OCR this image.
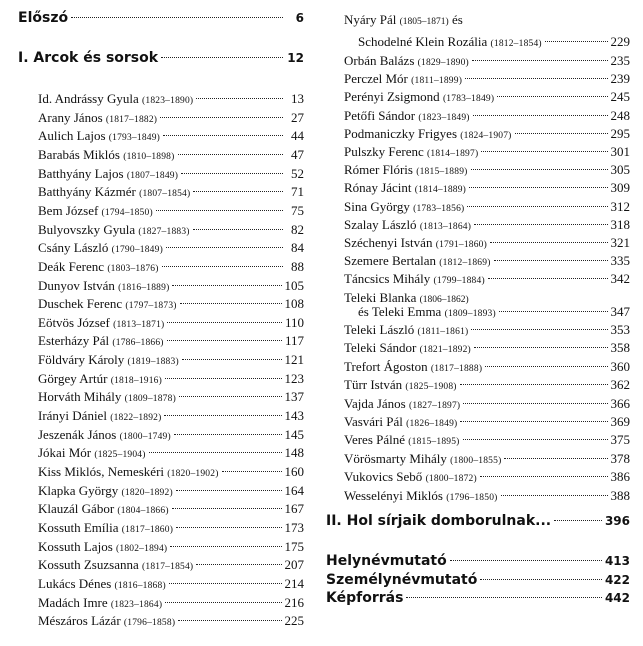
Előszó	6
I. Arcok és sorsok	12
Id. Andrássy Gyula (1823–1890)	13
Arany János (1817–1882)	27
Aulich Lajos (1793–1849)	44
Barabás Miklós (1810–1898)	47
Batthyány Lajos (1807–1849)	52
Batthyány Kázmér (1807–1854)	71
Bem József (1794–1850)	75
Bulyovszky Gyula (1827–1883)	82
Csány László (1790–1849)	84
Deák Ferenc (1803–1876)	88
Dunyov István (1816–1889)	105
Duschek Ferenc (1797–1873)	108
Eötvös József (1813–1871)	110
Esterházy Pál (1786–1866)	117
Földváry Károly (1819–1883)	121
Görgey Artúr (1818–1916)	123
Horváth Mihály (1809–1878)	137
Irányi Dániel (1822–1892)	143
Jeszenák János (1800–1749)	145
Jókai Mór (1825–1904)	148
Kiss Miklós, Nemeskéri (1820–1902)	160
Klapka György (1820–1892)	164
Klauzál Gábor (1804–1866)	167
Kossuth Emília (1817–1860)	173
Kossuth Lajos (1802–1894)	175
Kossuth Zsuzsanna (1817–1854)	207
Lukács Dénes (1816–1868)	214
Madách Imre (1823–1864)	216
Mészáros Lázár (1796–1858)	225
Nyáry Pál (1805–1871) és
Schodelné Klein Rozália (1812–1854)	229
Orbán Balázs (1829–1890)	235
Perczel Mór (1811–1899)	239
Perényi Zsigmond (1783–1849)	245
Petőfi Sándor (1823–1849)	248
Podmaniczky Frigyes (1824–1907)	295
Pulszky Ferenc (1814–1897)	301
Rómer Flóris (1815–1889)	305
Rónay Jácint (1814–1889)	309
Sina György (1783–1856)	312
Szalay László (1813–1864)	318
Széchenyi István (1791–1860)	321
Szemere Bertalan (1812–1869)	335
Táncsics Mihály (1799–1884)	342
Teleki Blanka (1806–1862)
és Teleki Emma (1809–1893)	347
Teleki László (1811–1861)	353
Teleki Sándor (1821–1892)	358
Trefort Ágoston (1817–1888)	360
Türr István (1825–1908)	362
Vajda János (1827–1897)	366
Vasvári Pál (1826–1849)	369
Veres Pálné (1815–1895)	375
Vörösmarty Mihály (1800–1855)	378
Vukovics Sebő (1800–1872)	386
Wesselényi Miklós (1796–1850)	388
II. Hol sírjaik domborulnak...	396
Helynévmutató	413
Személynévmutató	422
Képforrás	442
